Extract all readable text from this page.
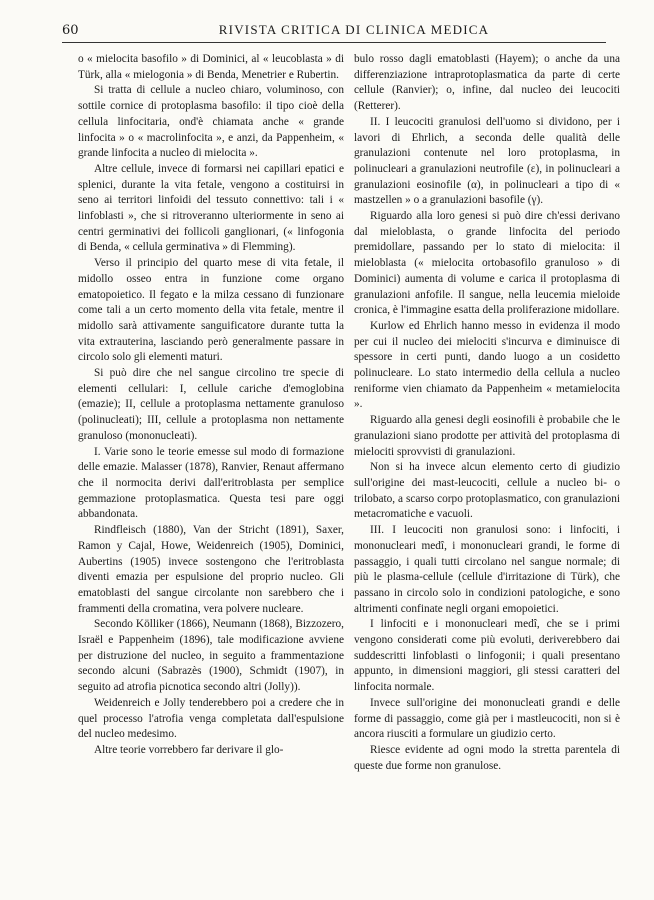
60	RIVISTA CRITICA DI CLINICA MEDICA

o « mielocita basofilo » di Dominici, al « leucoblasta » di Türk, alla « mielogonia » di Benda, Menetrier e Rubertin.

Si tratta di cellule a nucleo chiaro, voluminoso, con sottile cornice di protoplasma basofilo: il tipo cioè della cellula linfocitaria, ond'è chiamata anche « grande linfocita » o « macrolinfocita », e anzi, da Pappenheim, « grande linfocita a nucleo di mielocita ».

Altre cellule, invece di formarsi nei capillari epatici e splenici, durante la vita fetale, vengono a costituirsi in seno ai territori linfoidi del tessuto connettivo: tali i « linfoblasti », che si ritroveranno ulteriormente in seno ai centri germinativi dei follicoli ganglionari, (« linfogonia di Benda, « cellula germinativa » di Flemming).

Verso il principio del quarto mese di vita fetale, il midollo osseo entra in funzione come organo ematopoietico. Il fegato e la milza cessano di funzionare come tali a un certo momento della vita fetale, mentre il midollo sarà attivamente sanguificatore durante tutta la vita extrauterina, lasciando però generalmente passare in circolo solo gli elementi maturi.

Si può dire che nel sangue circolino tre specie di elementi cellulari: I, cellule cariche d'emoglobina (emazie); II, cellule a protoplasma nettamente granuloso (polinucleati); III, cellule a protoplasma non nettamente granuloso (mononucleati).

I. Varie sono le teorie emesse sul modo di formazione delle emazie. Malasser (1878), Ranvier, Renaut affermano che il normocita derivi dall'eritroblasta per semplice gemmazione protoplasmatica. Questa tesi pare oggi abbandonata.

Rindfleisch (1880), Van der Stricht (1891), Saxer, Ramon y Cajal, Howe, Weidenreich (1905), Dominici, Aubertins (1905) invece sostengono che l'eritroblasta diventi emazia per espulsione del proprio nucleo. Gli ematoblasti del sangue circolante non sarebbero che i frammenti della cromatina, vera polvere nucleare.

Secondo Kölliker (1866), Neumann (1868), Bizzozero, Israël e Pappenheim (1896), tale modificazione avviene per distruzione del nucleo, in seguito a frammentazione secondo alcuni (Sabrazès (1900), Schmidt (1907), in seguito ad atrofia picnotica secondo altri (Jolly)).

Weidenreich e Jolly tenderebbero poi a credere che in quel processo l'atrofia venga completata dall'espulsione del nucleo medesimo.

Altre teorie vorrebbero far derivare il glo-

bulo rosso dagli ematoblasti (Hayem); o anche da una differenziazione intraprotoplasmatica da parte di certe cellule (Ranvier); o, infine, dal nucleo dei leucociti (Retterer).

II. I leucociti granulosi dell'uomo si dividono, per i lavori di Ehrlich, a seconda delle qualità delle granulazioni contenute nel loro protoplasma, in polinucleari a granulazioni neutrofile (ε), in polinucleari a granulazioni eosinofile (α), in polinucleari a tipo di « mastzellen » o a granulazioni basofile (γ).

Riguardo alla loro genesi si può dire ch'essi derivano dal mieloblasta, o grande linfocita del periodo premidollare, passando per lo stato di mielocita: il mieloblasta (« mielocita ortobasofilo granuloso » di Dominici) aumenta di volume e carica il protoplasma di granulazioni anfofile. Il sangue, nella leucemia mieloide cronica, è l'immagine esatta della proliferazione midollare.

Kurlow ed Ehrlich hanno messo in evidenza il modo per cui il nucleo dei mielociti s'incurva e diminuisce di spessore in certi punti, dando luogo a un cosidetto polinucleare. Lo stato intermedio della cellula a nucleo reniforme vien chiamato da Pappenheim « metamielocita ».

Riguardo alla genesi degli eosinofili è probabile che le granulazioni siano prodotte per attività del protoplasma di mielociti sprovvisti di granulazioni.

Non si ha invece alcun elemento certo di giudizio sull'origine dei mast-leucociti, cellule a nucleo bi- o trilobato, a scarso corpo protoplasmatico, con granulazioni metacromatiche e vacuoli.

III. I leucociti non granulosi sono: i linfociti, i mononucleari medî, i mononucleari grandi, le forme di passaggio, i quali tutti circolano nel sangue normale; di più le plasma-cellule (cellule d'irritazione di Türk), che passano in circolo solo in condizioni patologiche, e sono altrimenti confinate negli organi emopoietici.

I linfociti e i mononucleari medî, che se i primi vengono considerati come più evoluti, deriverebbero dai suddescritti linfoblasti o linfogonii; i quali presentano appunto, in dimensioni maggiori, gli stessi caratteri del linfocita normale.

Invece sull'origine dei mononucleati grandi e delle forme di passaggio, come già per i mastleucociti, non si è ancora riusciti a formulare un giudizio certo.

Riesce evidente ad ogni modo la stretta parentela di queste due forme non granulose.
